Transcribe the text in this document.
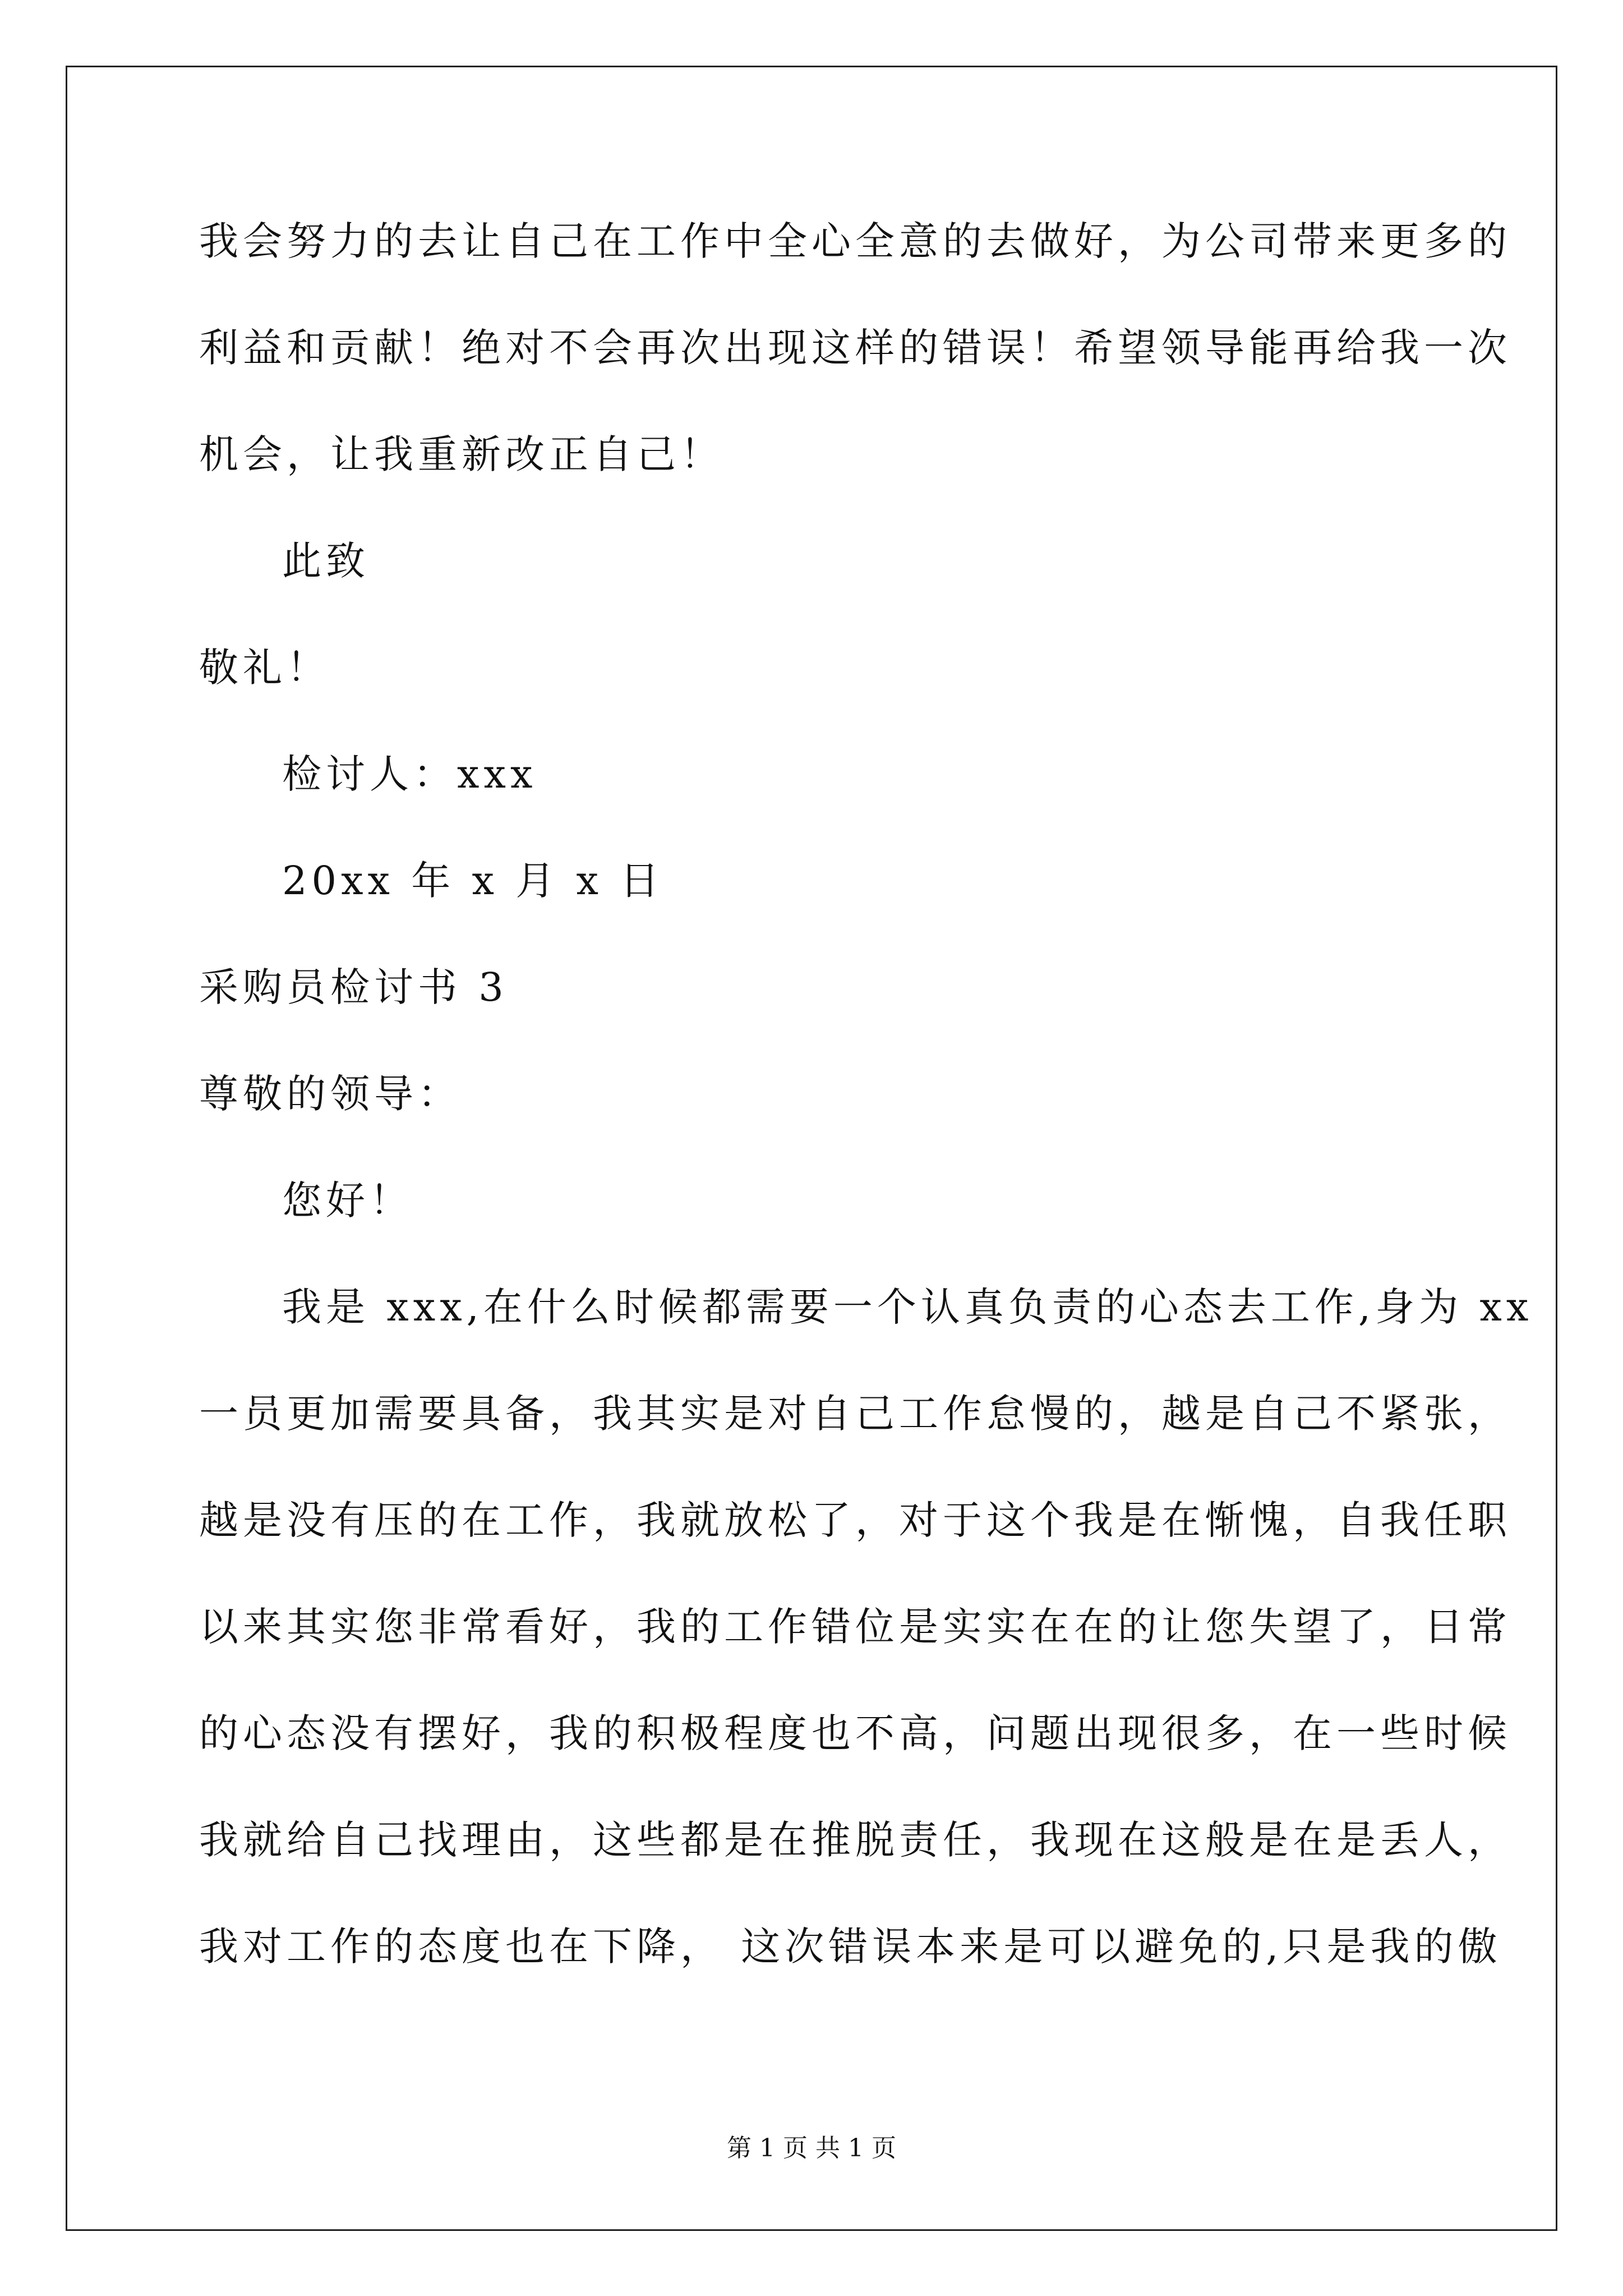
我会努力的去让自己在工作中全心全意的去做好，为公司带来更多的
利益和贡献！绝对不会再次出现这样的错误！希望领导能再给我一次
机会，让我重新改正自己！
此致
敬礼！
检讨人：xxx
20xx 年 x 月 x 日
采购员检讨书 3
尊敬的领导：
您好！
我是 xxx,在什么时候都需要一个认真负责的心态去工作,身为 xx
一员更加需要具备，我其实是对自己工作怠慢的，越是自己不紧张，
越是没有压的在工作，我就放松了，对于这个我是在惭愧，自我任职
以来其实您非常看好，我的工作错位是实实在在的让您失望了，日常
的心态没有摆好，我的积极程度也不高，问题出现很多，在一些时候
我就给自己找理由，这些都是在推脱责任，我现在这般是在是丢人，
我对工作的态度也在下降， 这次错误本来是可以避免的,只是我的傲
第 1 页 共 1 页
